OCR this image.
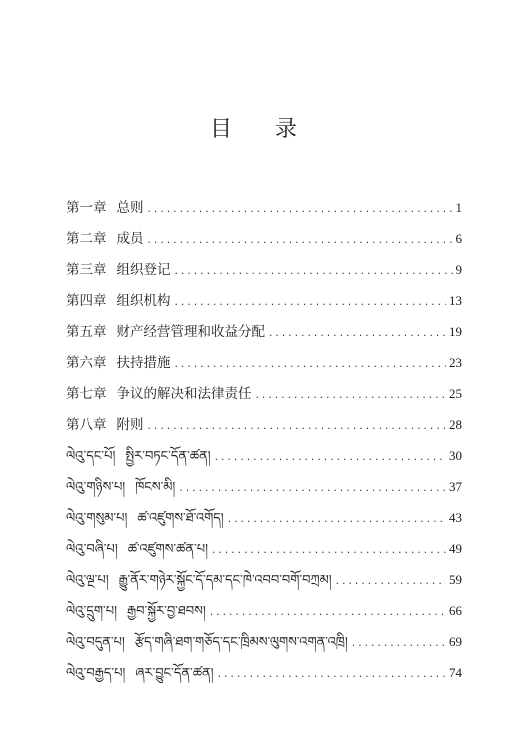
目 录
第一章 总则 .....	1
第二章 成员 .....	6
第三章 组织登记 .....	9
第四章 组织机构 .....	13
第五章 财产经营管理和收益分配 .....	19
第六章 扶持措施 .....	23
第七章 争议的解决和法律责任 .....	25
第八章 附则 .....	28
ལེའུ་དང་པོ། སྤྱིར་བཏང་དོན་ཚན། .....	30
ལེའུ་གཉིས་པ། ཁོངས་མི། .....	37
ལེའུ་གསུམ་པ། ཚ་འཛུགས་ཐོ་འགོད། .....	43
ལེའུ་བཞི་པ། ཚ་འཛུགས་ཚན་པ། .....	49
ལེའུ་ལྔ་པ། རྒྱུ་ནོར་གཉེར་སྐྱོང་དོ་དམ་དང་ཁེ་འབབ་བགོ་བཀྲམ། .....	59
ལེའུ་དྲུག་པ། རྒྱབ་སྐྱོར་བྱ་ཐབས། .....	66
ལེའུ་བདུན་པ། རྩོད་གཞི་ཐག་གཅོད་དང་ཁྲིམས་ལུགས་འགན་འཁྲི། .....	69
ལེའུ་བརྒྱད་པ། ཞར་བྱུང་དོན་ཚན། .....	74
